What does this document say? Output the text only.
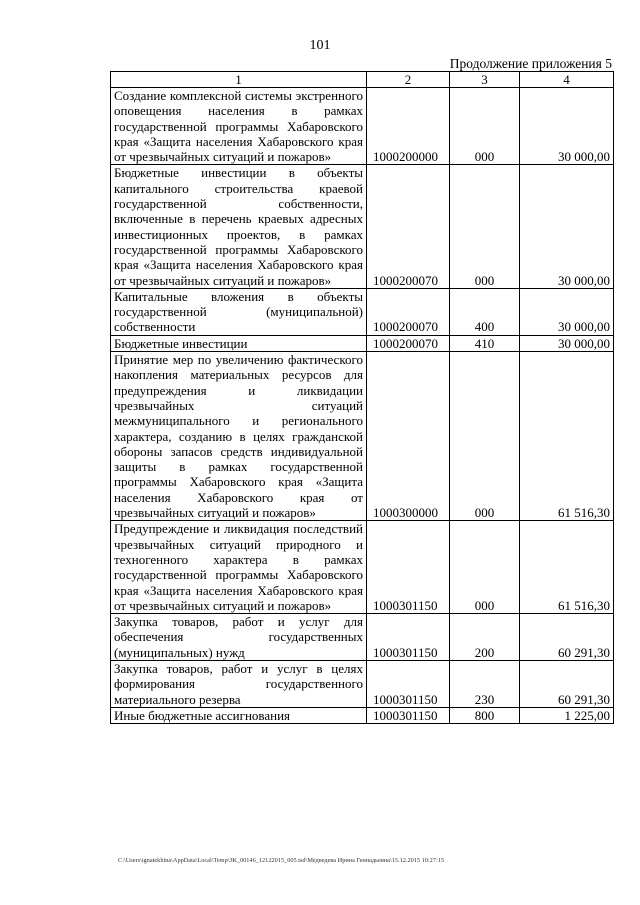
101
Продолжение приложения 5
1	2	3	4
Создание комплексной системы экстренного оповещения населения в рамках государственной программы Хабаровского края «Защита населения Хабаровского края от чрезвычайных ситуаций и пожаров»	1000200000	000	30 000,00
Бюджетные инвестиции в объекты капитального строительства краевой государственной собственности, включенные в перечень краевых адресных инвестиционных проектов, в рамках государственной программы Хабаровского края «Защита населения Хабаровского края от чрезвычайных ситуаций и пожаров»	1000200070	000	30 000,00
Капитальные вложения в объекты государственной (муниципальной) собственности	1000200070	400	30 000,00
Бюджетные инвестиции	1000200070	410	30 000,00
Принятие мер по увеличению фактического накопления материальных ресурсов для предупреждения и ликвидации чрезвычайных ситуаций межмуниципального и регионального характера, созданию в целях гражданской обороны запасов средств индивидуальной защиты в рамках государственной программы Хабаровского края «Защита населения Хабаровского края от чрезвычайных ситуаций и пожаров»	1000300000	000	61 516,30
Предупреждение и ликвидация последствий чрезвычайных ситуаций природного и техногенного характера в рамках государственной программы Хабаровского края «Защита населения Хабаровского края от чрезвычайных ситуаций и пожаров»	1000301150	000	61 516,30
Закупка товаров, работ и услуг для обеспечения государственных (муниципальных) нужд	1000301150	200	60 291,30
Закупка товаров, работ и услуг в целях формирования государственного материального резерва	1000301150	230	60 291,30
Иные бюджетные ассигнования	1000301150	800	1 225,00
C:\Users\ignatekhina\AppData\Local\Temp\ЗК_00146_12122015_005.tsd\Медведева Ирина Геннадьевна\15.12.2015 10:27:15
